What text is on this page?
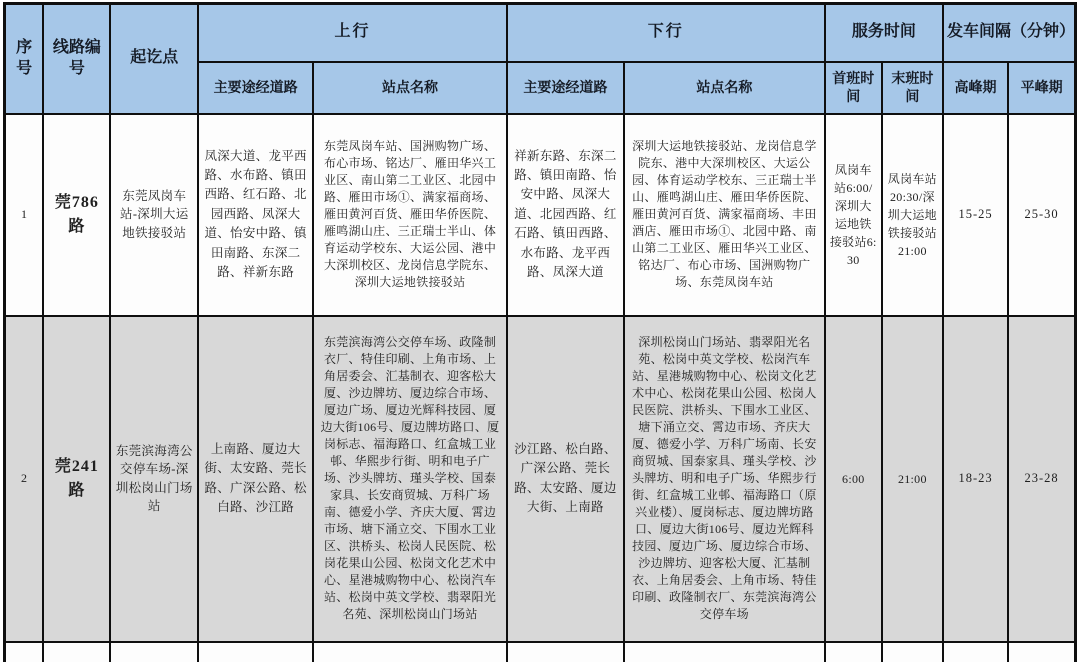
序号	线路编号	起讫点	上行		下行		服务时间		发车间隔（分钟）	
			主要途经道路	站点名称	主要途经道路	站点名称	首班时间	末班时间	高峰期	平峰期
1	莞786路	东莞凤岗车站-深圳大运地铁接驳站	凤深大道、龙平西路、水布路、镇田西路、红石路、北园西路、凤深大道、怡安中路、镇田南路、东深二路、祥新东路	东莞凤岗车站、国洲购物广场、布心市场、铭达厂、雁田华兴工业区、南山第二工业区、北园中路、雁田市场①、满家福商场、雁田黄河百货、雁田华侨医院、雁鸣湖山庄、三正瑞士半山、体育运动学校东、大运公园、港中大深圳校区、龙岗信息学院东、深圳大运地铁接驳站	祥新东路、东深二路、镇田南路、怡安中路、凤深大道、北园西路、红石路、镇田西路、水布路、龙平西路、凤深大道	深圳大运地铁接驳站、龙岗信息学院东、港中大深圳校区、大运公园、体育运动学校东、三正瑞士半山、雁鸣湖山庄、雁田华侨医院、雁田黄河百货、满家福商场、丰田酒店、雁田市场①、北园中路、南山第二工业区、雁田华兴工业区、铭达厂、布心市场、国洲购物广场、东莞凤岗车站	凤岗车站6:00/深圳大运地铁接驳站6:30	凤岗车站20:30/深圳大运地铁接驳站21:00	15-25	25-30
2	莞241路	东莞滨海湾公交停车场-深圳松岗山门场站	上南路、厦边大街、太安路、莞长路、广深公路、松白路、沙江路	东莞滨海湾公交停车场、政隆制衣厂、特佳印刷、上角市场、上角居委会、汇基制衣、迎客松大厦、沙边牌坊、厦边综合市场、厦边广场、厦边光辉科技园、厦边大街106号、厦边牌坊路口、厦岗标志、福海路口、红盒城工业邨、华熙步行街、明和电子广场、沙头牌坊、瑾头学校、国泰家具、长安商贸城、万科广场南、德爱小学、齐庆大厦、霄边市场、塘下涌立交、下围水工业区、洪桥头、松岗人民医院、松岗花果山公园、松岗文化艺术中心、星港城购物中心、松岗汽车站、松岗中英文学校、翡翠阳光名苑、深圳松岗山门场站	沙江路、松白路、广深公路、莞长路、太安路、厦边大街、上南路	深圳松岗山门场站、翡翠阳光名苑、松岗中英文学校、松岗汽车站、星港城购物中心、松岗文化艺术中心、松岗花果山公园、松岗人民医院、洪桥头、下围水工业区、塘下涌立交、霄边市场、齐庆大厦、德爱小学、万科广场南、长安商贸城、国泰家具、瑾头学校、沙头牌坊、明和电子广场、华熙步行街、红盒城工业邨、福海路口（原兴业楼）、厦岗标志、厦边牌坊路口、厦边大街106号、厦边光辉科技园、厦边广场、厦边综合市场、沙边牌坊、迎客松大厦、汇基制衣、上角居委会、上角市场、特佳印刷、政隆制衣厂、东莞滨海湾公交停车场	6:00	21:00	18-23	23-28
